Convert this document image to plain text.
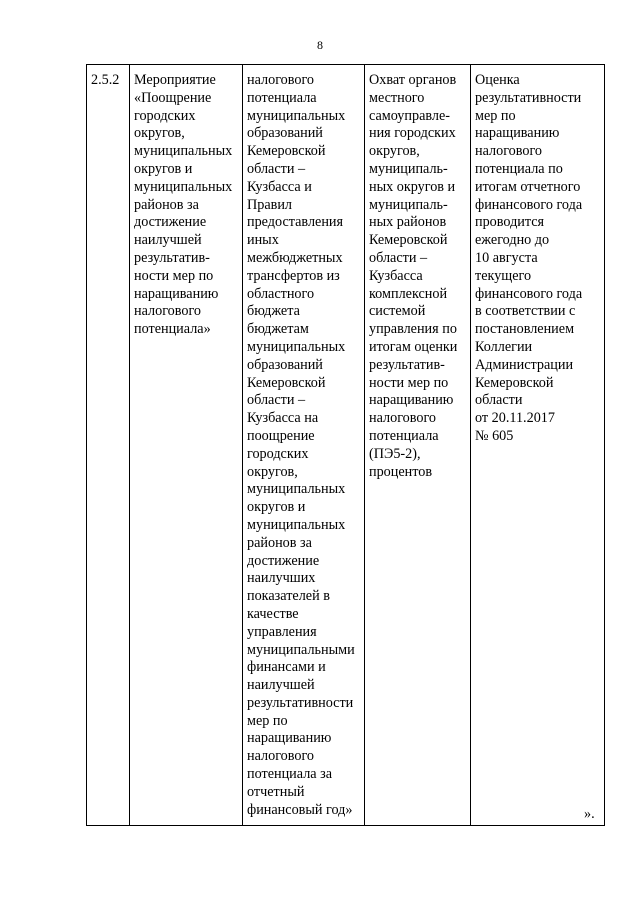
8
2.5.2	Мероприятие
«Поощрение
городских
округов,
муниципальных
округов и
муниципальных
районов за
достижение
наилучшей
результатив-
ности мер по
наращиванию
налогового
потенциала»	налогового
потенциала
муниципальных
образований
Кемеровской
области –
Кузбасса и
Правил
предоставления
иных
межбюджетных
трансфертов из
областного
бюджета
бюджетам
муниципальных
образований
Кемеровской
области –
Кузбасса на
поощрение
городских
округов,
муниципальных
округов и
муниципальных
районов за
достижение
наилучших
показателей в
качестве
управления
муниципальными
финансами и
наилучшей
результативности
мер по
наращиванию
налогового
потенциала за
отчетный
финансовый год»	Охват органов
местного
самоуправле-
ния городских
округов,
муниципаль-
ных округов и
муниципаль-
ных районов
Кемеровской
области –
Кузбасса
комплексной
системой
управления по
итогам оценки
результатив-
ности мер по
наращиванию
налогового
потенциала
(ПЭ5-2),
процентов	Оценка
результативности
мер по
наращиванию
налогового
потенциала по
итогам отчетного
финансового года
проводится
ежегодно до
10 августа
текущего
финансового года
в соответствии с
постановлением
Коллегии
Администрации
Кемеровской
области
от 20.11.2017
№ 605
».
